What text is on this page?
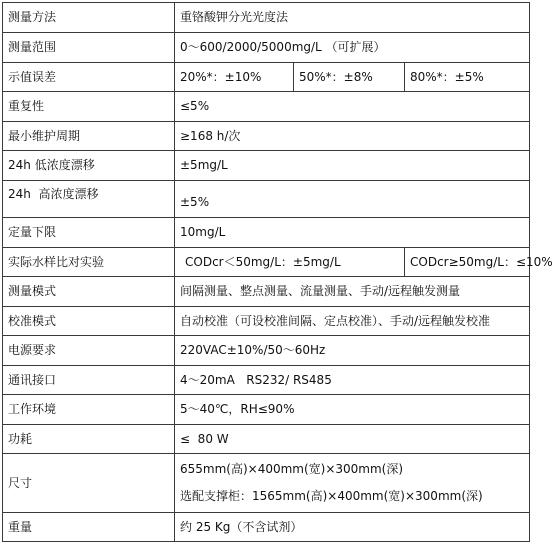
测量方法	重铬酸钾分光光度法		
测量范围	0～600/2000/5000mg/L （可扩展）		
示值误差	20%*：±10%	50%*：±8%	80%*：±5%
重复性	≤5%		
最小维护周期	≥168 h/次		
24h 低浓度漂移	±5mg/L		
24h  高浓度漂移	±5%		
定量下限	10mg/L		
实际水样比对实验	CODcr＜50mg/L：±5mg/L		CODcr≥50mg/L：≤10%
测量模式	间隔测量、整点测量、流量测量、手动/远程触发测量		
校准模式	自动校准（可设校准间隔、定点校准）、手动/远程触发校准		
电源要求	220VAC±10%/50～60Hz		
通讯接口	4～20mA   RS232/ RS485		
工作环境	5～40℃，RH≤90%		
功耗	≤  80 W		
尺寸	655mm(高)×400mm(宽)×300mm(深)
选配支撑柜：1565mm(高)×400mm(宽)×300mm(深)		

重量	约 25 Kg（不含试剂）		
